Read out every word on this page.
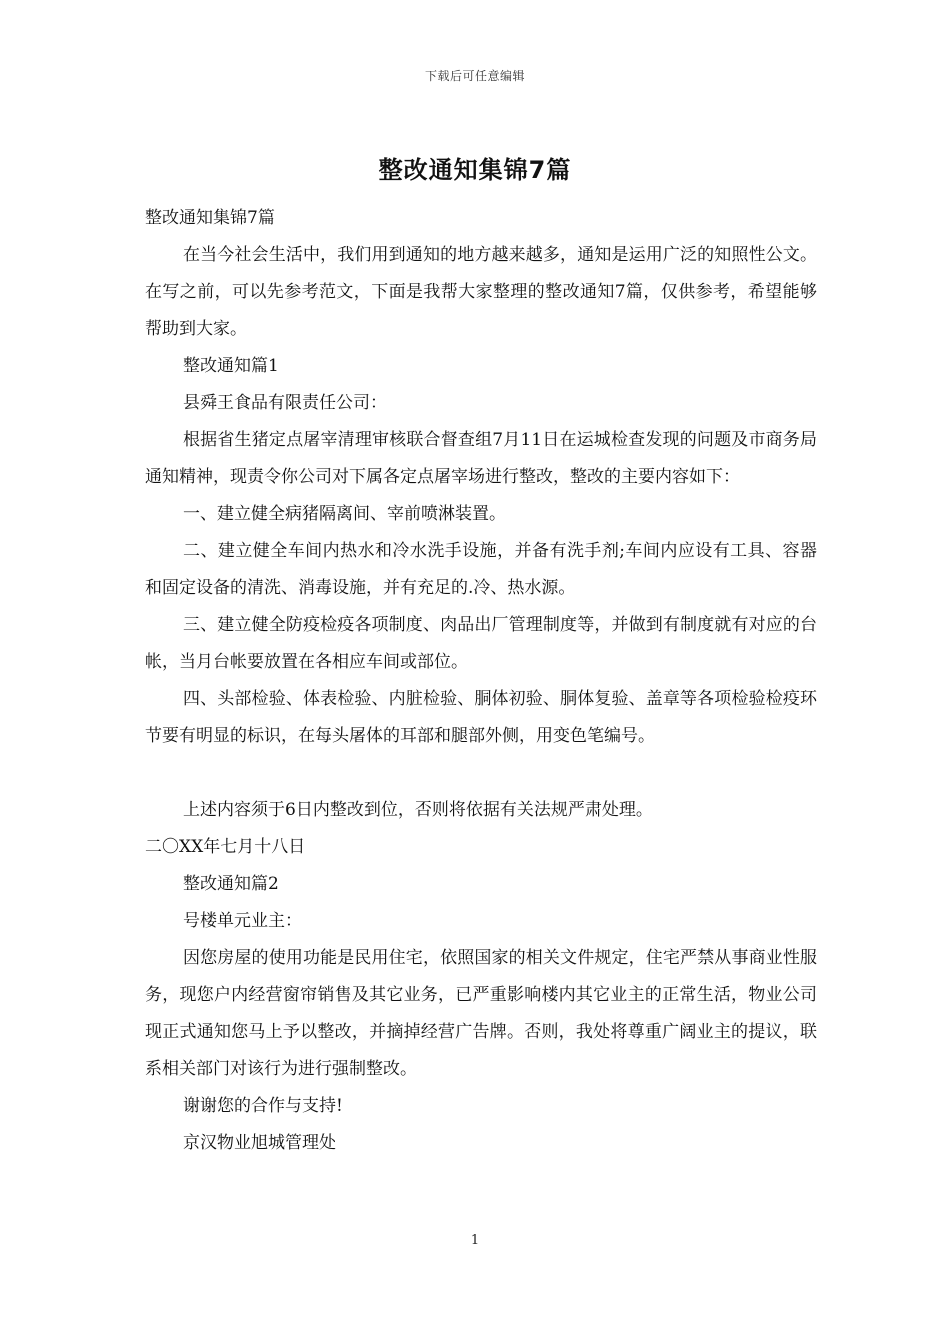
下载后可任意编辑
整改通知集锦7篇

整改通知集锦7篇

在当今社会生活中，我们用到通知的地方越来越多，通知是运用广泛的知照性公文。在写之前，可以先参考范文，下面是我帮大家整理的整改通知7篇，仅供参考，希望能够帮助到大家。

整改通知篇1

县舜王食品有限责任公司：

根据省生猪定点屠宰清理审核联合督查组7月11日在运城检查发现的问题及市商务局通知精神，现责令你公司对下属各定点屠宰场进行整改，整改的主要内容如下：

一、建立健全病猪隔离间、宰前喷淋装置。

二、建立健全车间内热水和冷水洗手设施，并备有洗手剂;车间内应设有工具、容器和固定设备的清洗、消毒设施，并有充足的.冷、热水源。

三、建立健全防疫检疫各项制度、肉品出厂管理制度等，并做到有制度就有对应的台帐，当月台帐要放置在各相应车间或部位。

四、头部检验、体表检验、内脏检验、胴体初验、胴体复验、盖章等各项检验检疫环节要有明显的标识，在每头屠体的耳部和腿部外侧，用变色笔编号。

上述内容须于6日内整改到位，否则将依据有关法规严肃处理。

二〇XX年七月十八日

整改通知篇2

号楼单元业主：

因您房屋的使用功能是民用住宅，依照国家的相关文件规定，住宅严禁从事商业性服务，现您户内经营窗帘销售及其它业务，已严重影响楼内其它业主的正常生活，物业公司现正式通知您马上予以整改，并摘掉经营广告牌。否则，我处将尊重广阔业主的提议，联系相关部门对该行为进行强制整改。

谢谢您的合作与支持!

京汉物业旭城管理处

1
